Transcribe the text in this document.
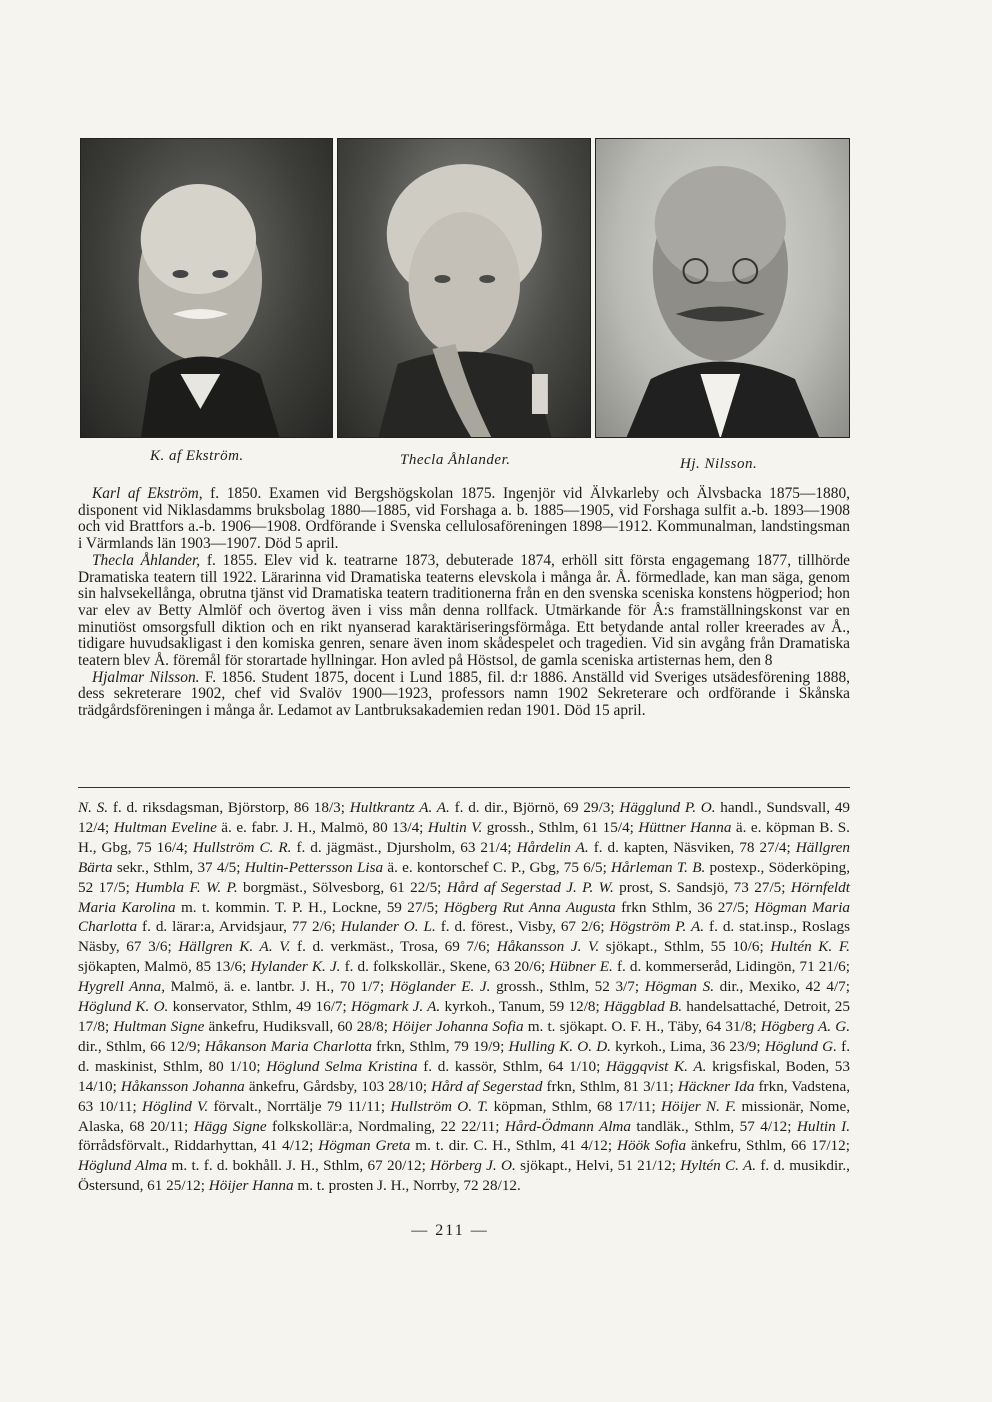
K. af Ekström.	Thecla Åhlander.	Hj. Nilsson.

Karl af Ekström, f. 1850. Examen vid Bergshögskolan 1875. Ingenjör vid Älvkarleby och Älvsbacka 1875—1880, disponent vid Niklasdamms bruksbolag 1880—1885, vid Forshaga a. b. 1885—1905, vid Forshaga sulfit a.-b. 1893—1908 och vid Brattfors a.-b. 1906—1908. Ordförande i Svenska cellulosaföreningen 1898—1912. Kommunalman, landstingsman i Värmlands län 1903—1907. Död 5 april.

Thecla Åhlander, f. 1855. Elev vid k. teatrarne 1873, debuterade 1874, erhöll sitt första engagemang 1877, tillhörde Dramatiska teatern till 1922. Lärarinna vid Dramatiska teaterns elevskola i många år. Å. förmedlade, kan man säga, genom sin halvsekellånga, obrutna tjänst vid Dramatiska teatern traditionerna från en den svenska sceniska konstens högperiod; hon var elev av Betty Almlöf och övertog även i viss mån denna rollfack. Utmärkande för Å:s framställningskonst var en minutiöst omsorgsfull diktion och en rikt nyanserad karaktäriseringsförmåga. Ett betydande antal roller kreerades av Å., tidigare huvudsakligast i den komiska genren, senare även inom skådespelet och tragedien. Vid sin avgång från Dramatiska teatern blev Å. föremål för storartade hyllningar. Hon avled på Höstsol, de gamla sceniska artisternas hem, den 8

Hjalmar Nilsson. F. 1856. Student 1875, docent i Lund 1885, fil. d:r 1886. Anställd vid Sveriges utsädesförening 1888, dess sekreterare 1902, chef vid Svalöv 1900—1923, professors namn 1902 Sekreterare och ordförande i Skånska trädgårdsföreningen i många år. Ledamot av Lantbruksakademien redan 1901. Död 15 april.

N. S. f. d. riksdagsman, Björstorp, 86 18/3; Hultkrantz A. A. f. d. dir., Björnö, 69 29/3; Hägglund P. O. handl., Sundsvall, 49 12/4; Hultman Eveline ä. e. fabr. J. H., Malmö, 80 13/4; Hultin V. grossh., Sthlm, 61 15/4; Hüttner Hanna ä. e. köpman B. S. H., Gbg, 75 16/4; Hullström C. R. f. d. jägmäst., Djursholm, 63 21/4; Hårdelin A. f. d. kapten, Näsviken, 78 27/4; Hällgren Bärta sekr., Sthlm, 37 4/5; Hultin-Pettersson Lisa ä. e. kontorschef C. P., Gbg, 75 6/5; Hårleman T. B. postexp., Söderköping, 52 17/5; Humbla F. W. P. borgmäst., Sölvesborg, 61 22/5; Hård af Segerstad J. P. W. prost, S. Sandsjö, 73 27/5; Hörnfeldt Maria Karolina m. t. kommin. T. P. H., Lockne, 59 27/5; Högberg Rut Anna Augusta frkn Sthlm, 36 27/5; Högman Maria Charlotta f. d. lärar:a, Arvidsjaur, 77 2/6; Hulander O. L. f. d. förest., Visby, 67 2/6; Högström P. A. f. d. stat.insp., Roslags Näsby, 67 3/6; Hällgren K. A. V. f. d. verkmäst., Trosa, 69 7/6; Håkansson J. V. sjökapt., Sthlm, 55 10/6; Hultén K. F. sjökapten, Malmö, 85 13/6; Hylander K. J. f. d. folkskollär., Skene, 63 20/6; Hübner E. f. d. kommerseråd, Lidingön, 71 21/6; Hygrell Anna, Malmö, ä. e. lantbr. J. H., 70 1/7; Höglander E. J. grossh., Sthlm, 52 3/7; Högman S. dir., Mexiko, 42 4/7; Höglund K. O. konservator, Sthlm, 49 16/7; Högmark J. A. kyrkoh., Tanum, 59 12/8; Häggblad B. handelsattaché, Detroit, 25 17/8; Hultman Signe änkefru, Hudiksvall, 60 28/8; Höijer Johanna Sofia m. t. sjökapt. O. F. H., Täby, 64 31/8; Högberg A. G. dir., Sthlm, 66 12/9; Håkanson Maria Charlotta frkn, Sthlm, 79 19/9; Hulling K. O. D. kyrkoh., Lima, 36 23/9; Höglund G. f. d. maskinist, Sthlm, 80 1/10; Höglund Selma Kristina f. d. kassör, Sthlm, 64 1/10; Häggqvist K. A. krigsfiskal, Boden, 53 14/10; Håkansson Johanna änkefru, Gårdsby, 103 28/10; Hård af Segerstad frkn, Sthlm, 81 3/11; Häckner Ida frkn, Vadstena, 63 10/11; Höglind V. förvalt., Norrtälje 79 11/11; Hullström O. T. köpman, Sthlm, 68 17/11; Höijer N. F. missionär, Nome, Alaska, 68 20/11; Hägg Signe folkskollär:a, Nordmaling, 22 22/11; Hård-Ödmann Alma tandläk., Sthlm, 57 4/12; Hultin I. förrådsförvalt., Riddarhyttan, 41 4/12; Högman Greta m. t. dir. C. H., Sthlm, 41 4/12; Höök Sofia änkefru, Sthlm, 66 17/12; Höglund Alma m. t. f. d. bokhåll. J. H., Sthlm, 67 20/12; Hörberg J. O. sjökapt., Helvi, 51 21/12; Hyltén C. A. f. d. musikdir., Östersund, 61 25/12; Höijer Hanna m. t. prosten J. H., Norrby, 72 28/12.
— 211 —
